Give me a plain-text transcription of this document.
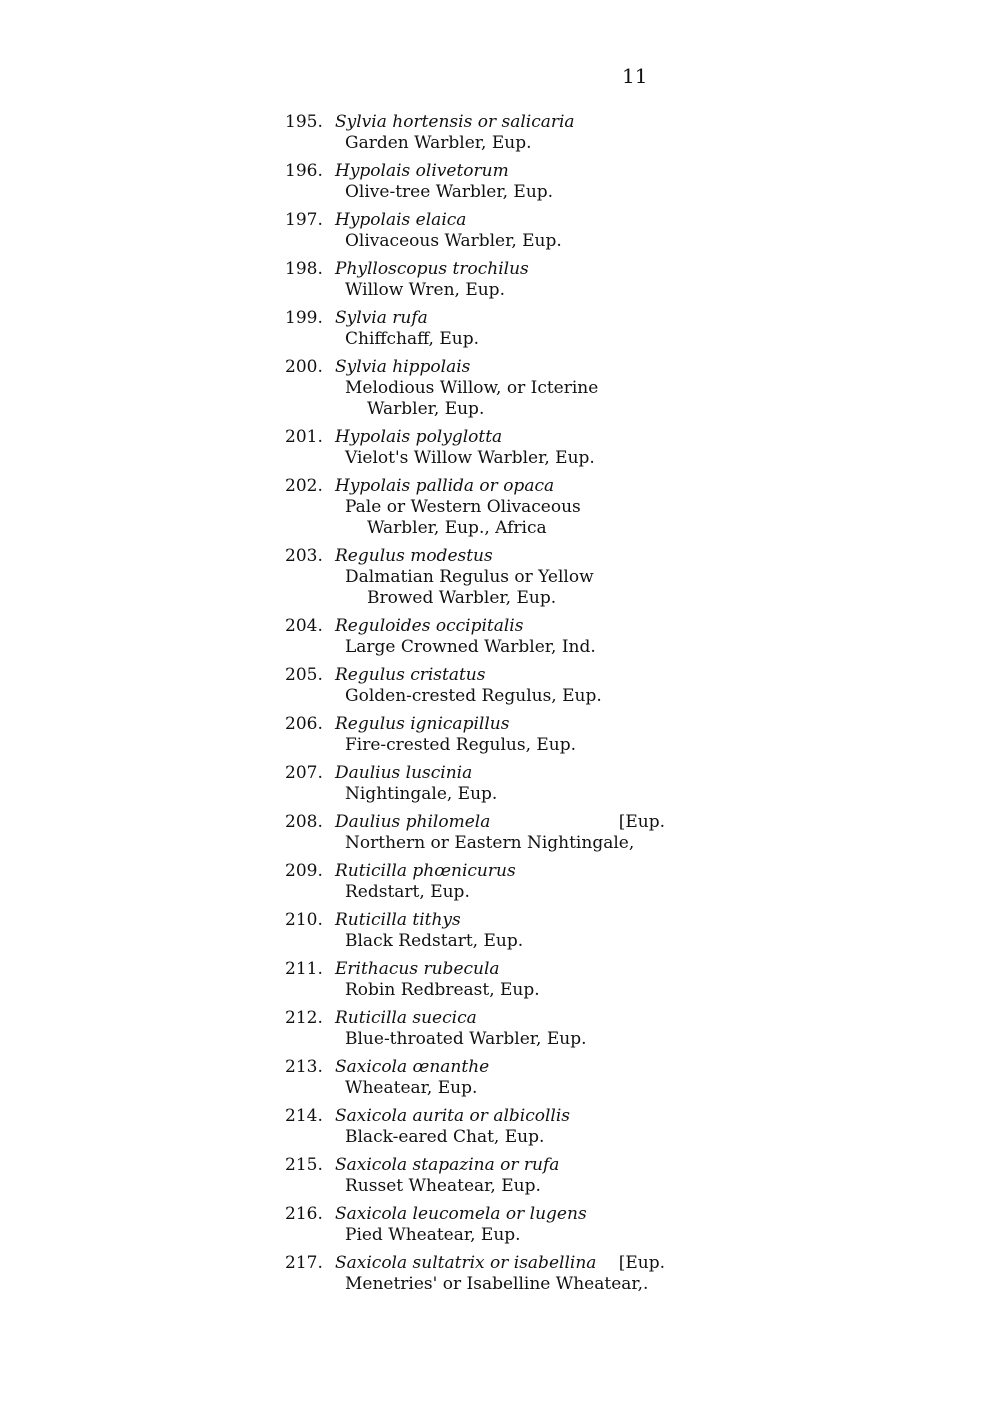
11
195. Sylvia hortensis or salicaria
Garden Warbler, Eup.
196. Hypolais olivetorum
Olive-tree Warbler, Eup.
197. Hypolais elaica
Olivaceous Warbler, Eup.
198. Phylloscopus trochilus
Willow Wren, Eup.
199. Sylvia rufa
Chiffchaff, Eup.
200. Sylvia hippolais
Melodious Willow, or Icterine
Warbler, Eup.
201. Hypolais polyglotta
Vielot's Willow Warbler, Eup.
202. Hypolais pallida or opaca
Pale or Western Olivaceous
Warbler, Eup., Africa
203. Regulus modestus
Dalmatian Regulus or Yellow
Browed Warbler, Eup.
204. Reguloides occipitalis
Large Crowned Warbler, Ind.
205. Regulus cristatus
Golden-crested Regulus, Eup.
206. Regulus ignicapillus
Fire-crested Regulus, Eup.
207. Daulius luscinia
Nightingale, Eup.
208.	[Eup.
Daulius philomela
Northern or Eastern Nightingale,
209. Ruticilla phœnicurus
Redstart, Eup.
210. Ruticilla tithys
Black Redstart, Eup.
211. Erithacus rubecula
Robin Redbreast, Eup.
212. Ruticilla suecica
Blue-throated Warbler, Eup.
213. Saxicola œnanthe
Wheatear, Eup.
214. Saxicola aurita or albicollis
Black-eared Chat, Eup.
215. Saxicola stapazina or rufa
Russet Wheatear, Eup.
216. Saxicola leucomela or lugens
Pied Wheatear, Eup.
217.	[Eup.
Saxicola sultatrix or isabellina
Menetries' or Isabelline Wheatear,.
